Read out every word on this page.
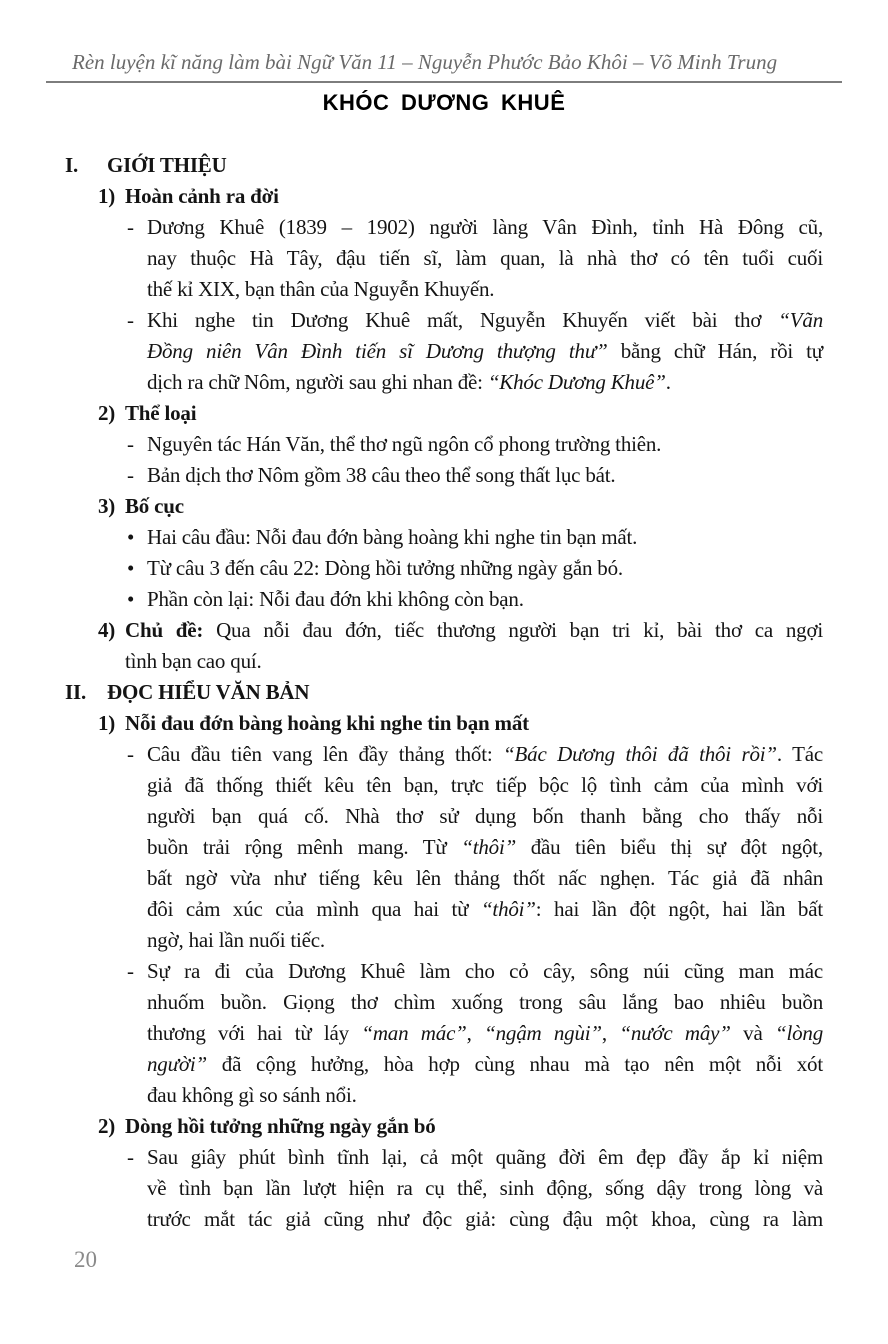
Rèn luyện kĩ năng làm bài Ngữ Văn 11 – Nguyễn Phước Bảo Khôi – Võ Minh Trung
KHÓC DƯƠNG KHUÊ
I. GIỚI THIỆU
1) Hoàn cảnh ra đời
- Dương Khuê (1839 – 1902) người làng Vân Đình, tỉnh Hà Đông cũ,
nay thuộc Hà Tây, đậu tiến sĩ, làm quan, là nhà thơ có tên tuổi cuối
thế kỉ XIX, bạn thân của Nguyễn Khuyến.
- Khi nghe tin Dương Khuê mất, Nguyễn Khuyến viết bài thơ “Vãn
Đồng niên Vân Đình tiến sĩ Dương thượng thư” bằng chữ Hán, rồi tự
dịch ra chữ Nôm, người sau ghi nhan đề: “Khóc Dương Khuê”.
2) Thể loại
- Nguyên tác Hán Văn, thể thơ ngũ ngôn cổ phong trường thiên.
- Bản dịch thơ Nôm gồm 38 câu theo thể song thất lục bát.
3) Bố cục
• Hai câu đầu: Nỗi đau đớn bàng hoàng khi nghe tin bạn mất.
• Từ câu 3 đến câu 22: Dòng hồi tưởng những ngày gắn bó.
• Phần còn lại: Nỗi đau đớn khi không còn bạn.
4) Chủ đề: Qua nỗi đau đớn, tiếc thương người bạn tri kỉ, bài thơ ca ngợi
tình bạn cao quí.
II. ĐỌC HIỂU VĂN BẢN
1) Nỗi đau đớn bàng hoàng khi nghe tin bạn mất
- Câu đầu tiên vang lên đầy thảng thốt: “Bác Dương thôi đã thôi rồi”. Tác
giả đã thống thiết kêu tên bạn, trực tiếp bộc lộ tình cảm của mình với
người bạn quá cố. Nhà thơ sử dụng bốn thanh bằng cho thấy nỗi
buồn trải rộng mênh mang. Từ “thôi” đầu tiên biểu thị sự đột ngột,
bất ngờ vừa như tiếng kêu lên thảng thốt nấc nghẹn. Tác giả đã nhân
đôi cảm xúc của mình qua hai từ “thôi”: hai lần đột ngột, hai lần bất
ngờ, hai lần nuối tiếc.
- Sự ra đi của Dương Khuê làm cho cỏ cây, sông núi cũng man mác
nhuốm buồn. Giọng thơ chìm xuống trong sâu lắng bao nhiêu buồn
thương với hai từ láy “man mác”, “ngậm ngùi”, “nước mây” và “lòng
người” đã cộng hưởng, hòa hợp cùng nhau mà tạo nên một nỗi xót
đau không gì so sánh nổi.
2) Dòng hồi tưởng những ngày gắn bó
- Sau giây phút bình tĩnh lại, cả một quãng đời êm đẹp đầy ắp kỉ niệm
về tình bạn lần lượt hiện ra cụ thể, sinh động, sống dậy trong lòng và
trước mắt tác giả cũng như độc giả: cùng đậu một khoa, cùng ra làm
20
